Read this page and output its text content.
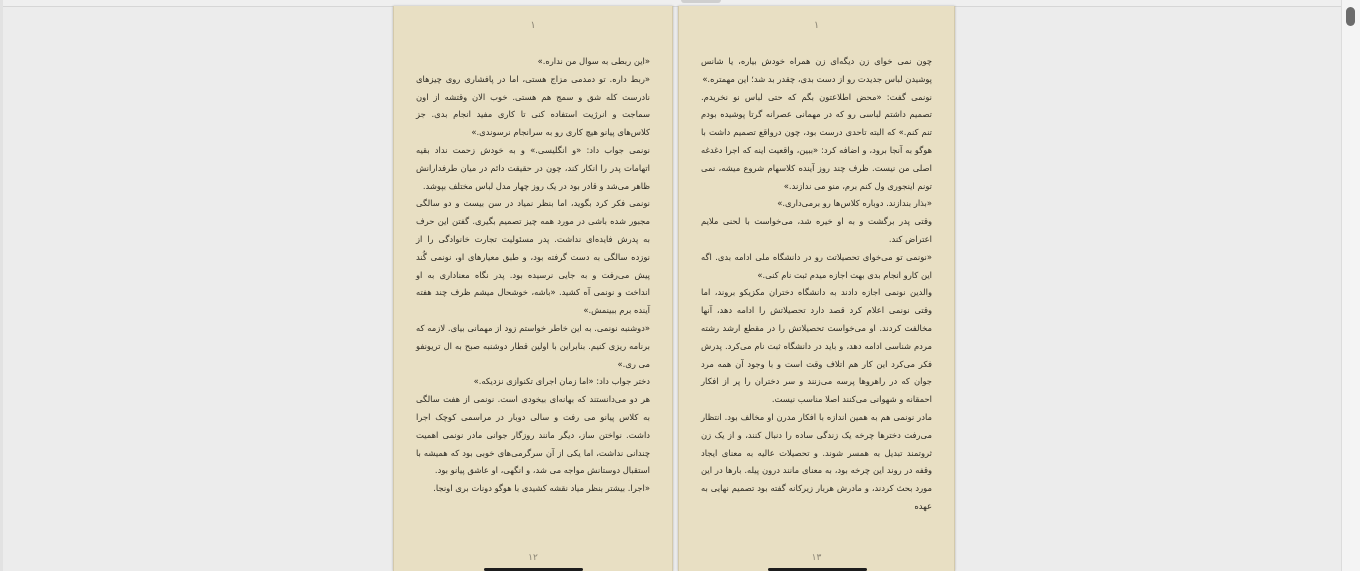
١

«این ربطی به سوال من نداره.»

«ربط داره. تو دمدمی مزاج هستی، اما در پافشاری روی چیزهای نادرست کله شق و سمج هم هستی. خوب الان وقتشه از اون سماجت و انرژیت استفاده کنی تا کاری مفید انجام بدی. جز کلاس‌های پیانو هیچ کاری رو به سرانجام نرسوندی.»

نونمی جواب داد: «و انگلیسی.» و به خودش زحمت نداد بقیه اتهامات پدر را انکار کند، چون در حقیقت دائم در میان طرفدارانش ظاهر می‌شد و قادر بود در یک روز چهار مدل لباس مختلف بپوشد.

نونمی فکر کرد بگوید، اما بنظر نمیاد در سن بیست و دو سالگی مجبور شده باشی در مورد همه چیز تصمیم بگیری. گفتن این حرف به پدرش فایده‌ای نداشت. پدر مسئولیت تجارت خانوادگی را از نوزده سالگی به دست گرفته بود، و طبق معیارهای او، نونمی گُند پیش می‌رفت و به جایی نرسیده بود. پدر نگاه معناداری به او انداخت و نونمی آه کشید. «باشه، خوشحال میشم ظرف چند هفته آینده برم ببینمش.»

«دوشنبه نونمی. به این خاطر خواستم زود از مهمانی بیای. لازمه که برنامه ریزی کنیم. بنابراین با اولین قطار دوشنبه صبح به ال تریونفو می ری.»

دختر جواب داد: «اما زمان اجرای تکنوازی نزدیکه.»

هر دو می‌دانستند که بهانه‌ای بیخودی است. نونمی از هفت سالگی به کلاس پیانو می رفت و سالی دوبار در مراسمی کوچک اجرا داشت. نواختن ساز، دیگر مانند روزگار جوانی مادر نونمی اهمیت چندانی نداشت، اما یکی از آن سرگرمی‌های خوبی بود که همیشه با استقبال دوستانش مواجه می شد، و انگهی، او عاشق پیانو بود.

«اجرا. بیشتر بنظر میاد نقشه کشیدی با هوگو دونات بری اونجا.

١٢
١

چون نمی خوای زن دیگه‌ای زن همراه خودش بیاره، یا شانس پوشیدن لباس جدیدت رو از دست بدی، چقدر بد شد؛ این مهمتره.»

نونمی گفت: «محض اطلاعتون بگم که حتی لباس نو نخریدم. تصمیم داشتم لباسی رو که در مهمانی عصرانه گرتا پوشیده بودم تنم کنم.» که البته تاحدی درست بود، چون درواقع تصمیم داشت با هوگو به آنجا برود، و اضافه کرد: «ببین، واقعیت اینه که اجرا دغدغه اصلی من نیست. ظرف چند روز آینده کلاسهام شروع میشه، نمی تونم اینجوری ول کنم برم، منو می ندازند.»

«بذار بندازند. دوباره کلاس‌ها رو برمی‌داری.»

وقتی پدر برگشت و به او خیره شد، می‌خواست با لحنی ملایم اعتراض کند.

«نونمی تو می‌خوای تحصیلاتت رو در دانشگاه ملی ادامه بدی. اگه این کارو انجام بدی بهت اجازه میدم ثبت نام کنی.»

والدین نونمی اجازه دادند به دانشگاه دختران مکزیکو بروند، اما وقتی نونمی اعلام کرد قصد دارد تحصیلاتش را ادامه دهد، آنها مخالفت کردند. او می‌خواست تحصیلاتش را در مقطع ارشد رشته مردم شناسی ادامه دهد، و باید در دانشگاه ثبت نام می‌کرد. پدرش فکر می‌کرد این کار هم اتلاف وقت است و با وجود آن همه مرد جوان که در راهروها پرسه می‌زنند و سر دختران را پر از افکار احمقانه و شهوانی می‌کنند اصلا مناسب نیست.

مادر نونمی هم به همین اندازه با افکار مدرن او مخالف بود. انتظار می‌رفت دخترها چرخه یک زندگی ساده را دنبال کنند، و از یک زن ثروتمند تبدیل به همسر شوند. و تحصیلات عالیه به معنای ایجاد وقفه در روند این چرخه بود، به معنای مانند درون پیله. بارها در این مورد بحث کردند، و مادرش هربار زیرکانه گفته بود تصمیم نهایی به عهده

١٣
